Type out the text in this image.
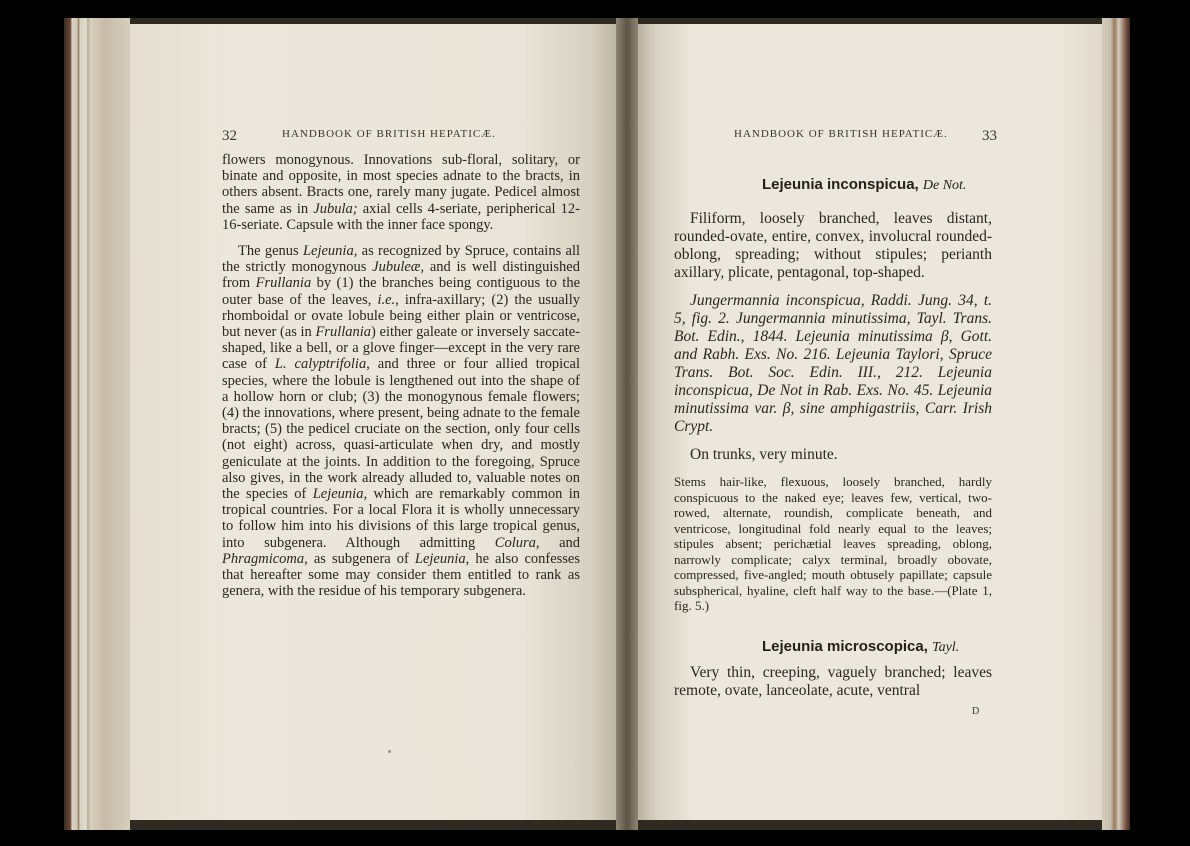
32	HANDBOOK OF BRITISH HEPATICÆ.

flowers monogynous. Innovations sub-floral, solitary, or binate and opposite, in most species adnate to the bracts, in others absent. Bracts one, rarely many jugate. Pedicel almost the same as in Jubula; axial cells 4-seriate, peripherical 12-16-seriate. Capsule with the inner face spongy.

The genus Lejeunia, as recognized by Spruce, contains all the strictly monogynous Jubuleæ, and is well distinguished from Frullania by (1) the branches being contiguous to the outer base of the leaves, i.e., infra-axillary; (2) the usually rhomboidal or ovate lobule being either plain or ventricose, but never (as in Frullania) either galeate or inversely saccate-shaped, like a bell, or a glove finger—except in the very rare case of L. calyptrifolia, and three or four allied tropical species, where the lobule is lengthened out into the shape of a hollow horn or club; (3) the monogynous female flowers; (4) the innovations, where present, being adnate to the female bracts; (5) the pedicel cruciate on the section, only four cells (not eight) across, quasi-articulate when dry, and mostly geniculate at the joints. In addition to the foregoing, Spruce also gives, in the work already alluded to, valuable notes on the species of Lejeunia, which are remarkably common in tropical countries. For a local Flora it is wholly unnecessary to follow him into his divisions of this large tropical genus, into subgenera. Although admitting Colura, and Phragmicoma, as subgenera of Lejeunia, he also confesses that hereafter some may consider them entitled to rank as genera, with the residue of his temporary subgenera.

HANDBOOK OF BRITISH HEPATICÆ. 33
Lejeunia inconspicua, De Not.

Filiform, loosely branched, leaves distant, rounded-ovate, entire, convex, involucral rounded-oblong, spreading; without stipules; perianth axillary, plicate, pentagonal, top-shaped.

Jungermannia inconspicua, Raddi. Jung. 34, t. 5, fig. 2. Jungermannia minutissima, Tayl. Trans. Bot. Edin., 1844. Lejeunia minutissima β, Gott. and Rabh. Exs. No. 216. Lejeunia Taylori, Spruce Trans. Bot. Soc. Edin. III., 212. Lejeunia inconspicua, De Not in Rab. Exs. No. 45. Lejeunia minutissima var. β, sine amphigastriis, Carr. Irish Crypt.

On trunks, very minute.

Stems hair-like, flexuous, loosely branched, hardly conspicuous to the naked eye; leaves few, vertical, two-rowed, alternate, roundish, complicate beneath, and ventricose, longitudinal fold nearly equal to the leaves; stipules absent; perichætial leaves spreading, oblong, narrowly complicate; calyx terminal, broadly obovate, compressed, five-angled; mouth obtusely papillate; capsule subspherical, hyaline, cleft half way to the base.—(Plate 1, fig. 5.)

Lejeunia microscopica, Tayl.

Very thin, creeping, vaguely branched; leaves remote, ovate, lanceolate, acute, ventral

D
